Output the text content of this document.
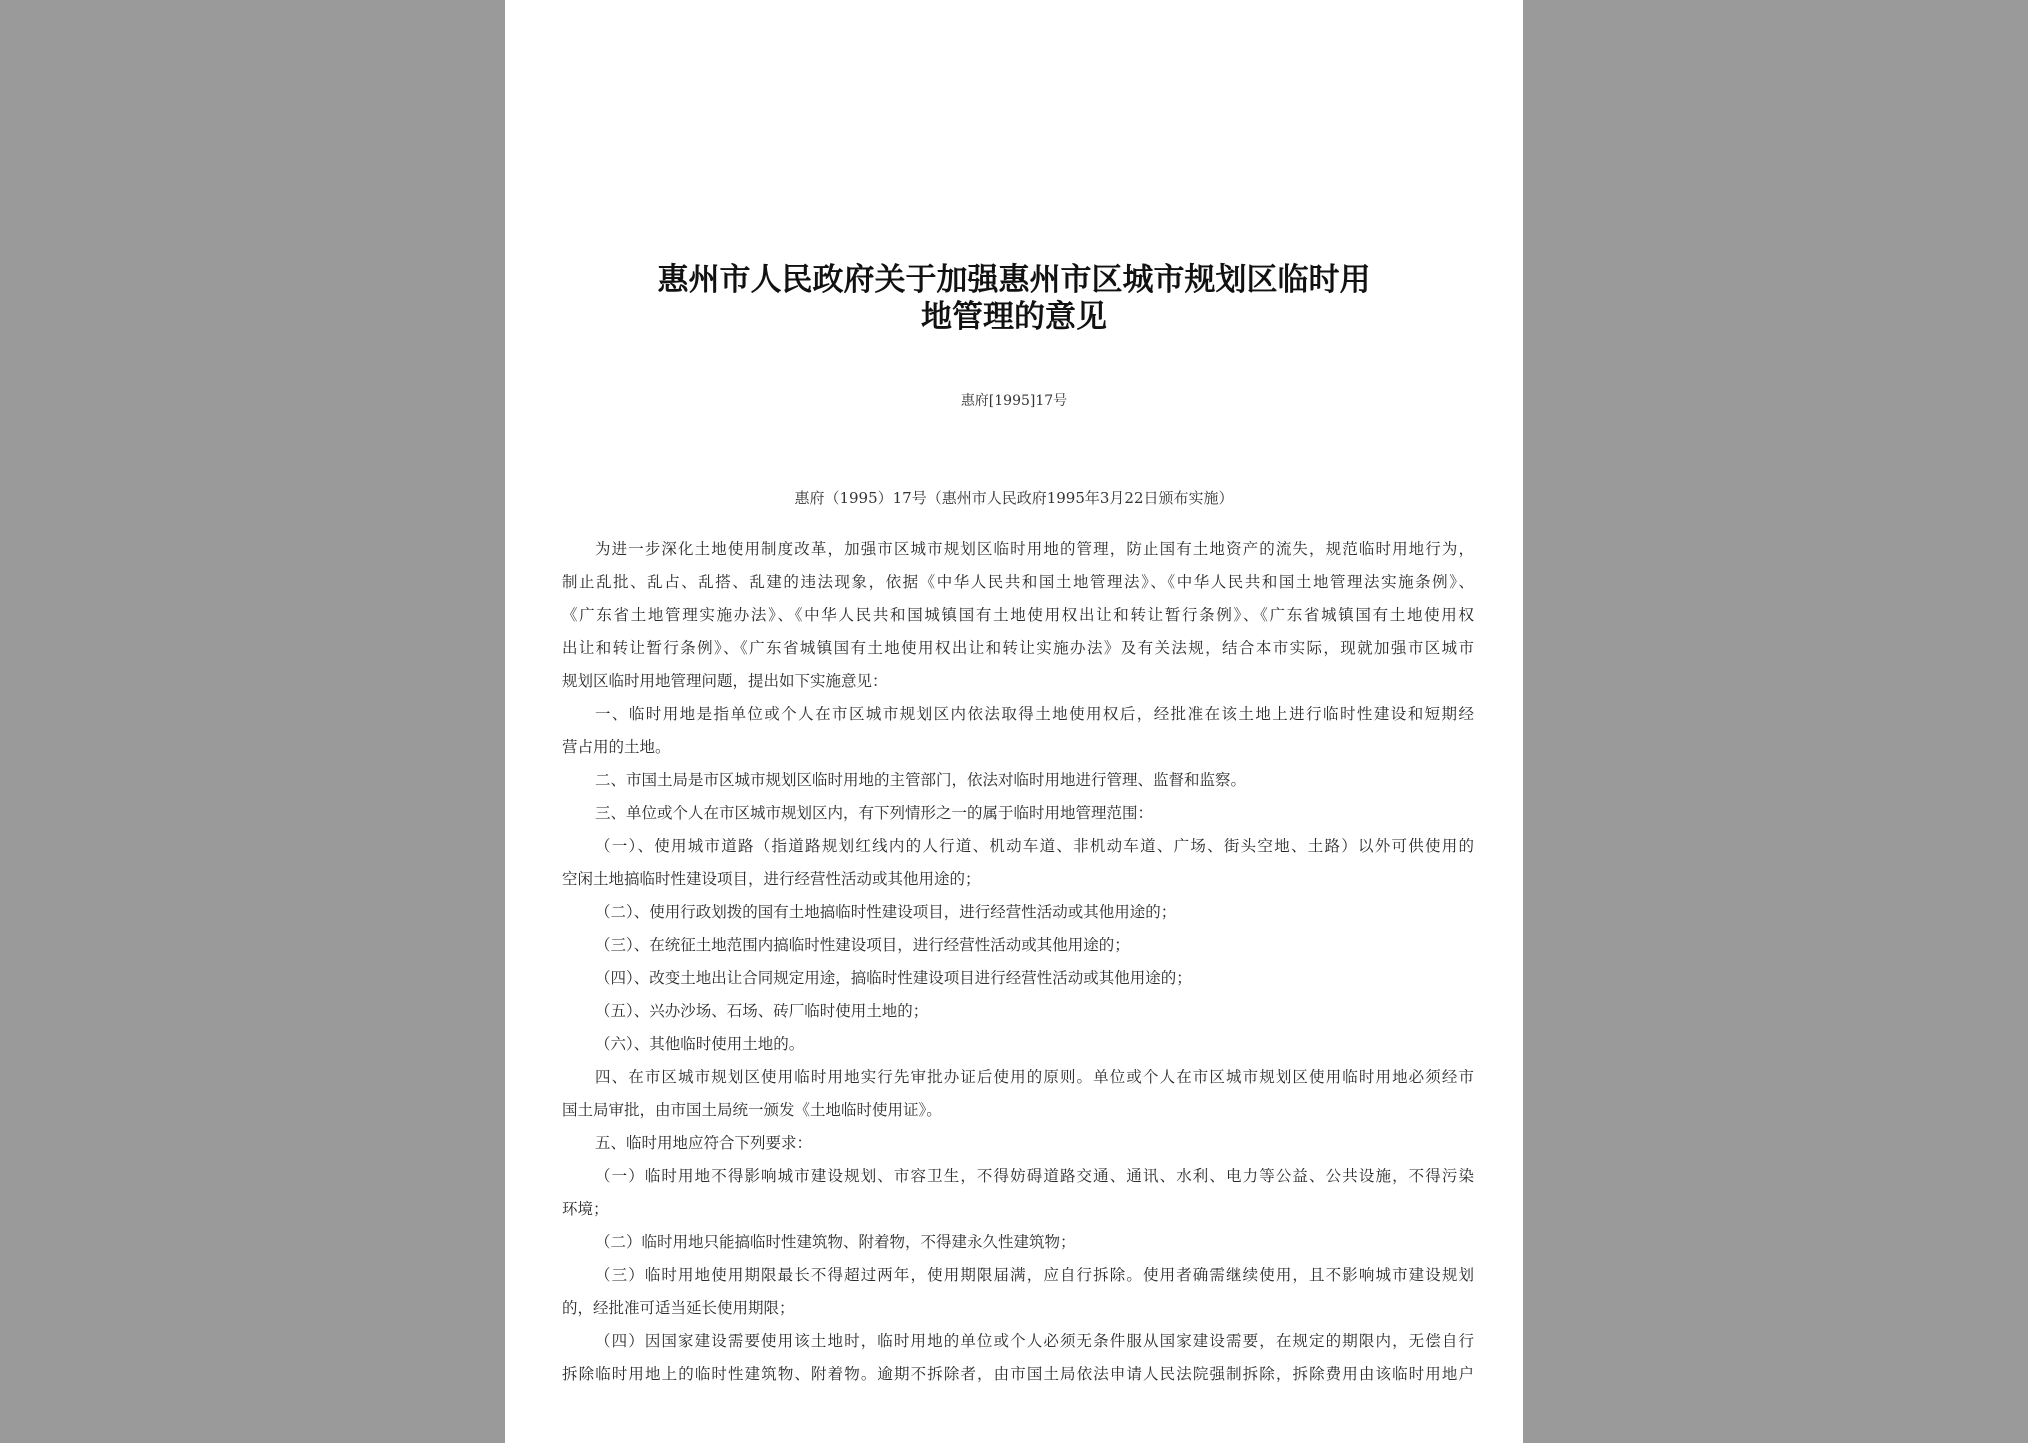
惠州市人民政府关于加强惠州市区城市规划区临时用
地管理的意见
惠府[1995]17号
惠府（1995）17号（惠州市人民政府1995年3月22日颁布实施）
为进一步深化土地使用制度改革，加强市区城市规划区临时用地的管理，防止国有土地资产的流失，规范临时用地行为，
制止乱批、乱占、乱搭、乱建的违法现象，依据《中华人民共和国土地管理法》、《中华人民共和国土地管理法实施条例》、
《广东省土地管理实施办法》、《中华人民共和国城镇国有土地使用权出让和转让暂行条例》、《广东省城镇国有土地使用权
出让和转让暂行条例》、《广东省城镇国有土地使用权出让和转让实施办法》及有关法规，结合本市实际，现就加强市区城市
规划区临时用地管理问题，提出如下实施意见：
一、临时用地是指单位或个人在市区城市规划区内依法取得土地使用权后，经批准在该土地上进行临时性建设和短期经
营占用的土地。
二、市国土局是市区城市规划区临时用地的主管部门，依法对临时用地进行管理、监督和监察。
三、单位或个人在市区城市规划区内，有下列情形之一的属于临时用地管理范围：
（一）、使用城市道路（指道路规划红线内的人行道、机动车道、非机动车道、广场、街头空地、土路）以外可供使用的
空闲土地搞临时性建设项目，进行经营性活动或其他用途的；
（二）、使用行政划拨的国有土地搞临时性建设项目，进行经营性活动或其他用途的；
（三）、在统征土地范围内搞临时性建设项目，进行经营性活动或其他用途的；
（四）、改变土地出让合同规定用途，搞临时性建设项目进行经营性活动或其他用途的；
（五）、兴办沙场、石场、砖厂临时使用土地的；
（六）、其他临时使用土地的。
四、在市区城市规划区使用临时用地实行先审批办证后使用的原则。单位或个人在市区城市规划区使用临时用地必须经市
国土局审批，由市国土局统一颁发《土地临时使用证》。
五、临时用地应符合下列要求：
（一）临时用地不得影响城市建设规划、市容卫生，不得妨碍道路交通、通讯、水利、电力等公益、公共设施，不得污染
环境；
（二）临时用地只能搞临时性建筑物、附着物，不得建永久性建筑物；
（三）临时用地使用期限最长不得超过两年，使用期限届满，应自行拆除。使用者确需继续使用，且不影响城市建设规划
的，经批准可适当延长使用期限；
（四）因国家建设需要使用该土地时，临时用地的单位或个人必须无条件服从国家建设需要，在规定的期限内，无偿自行
拆除临时用地上的临时性建筑物、附着物。逾期不拆除者，由市国土局依法申请人民法院强制拆除，拆除费用由该临时用地户
